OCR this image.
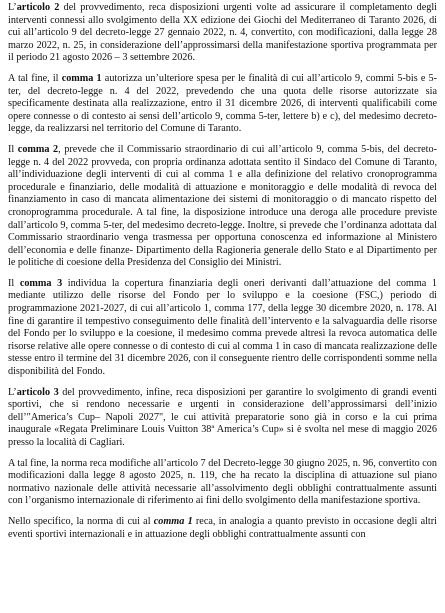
L’articolo 2 del provvedimento, reca disposizioni urgenti volte ad assicurare il completamento degli interventi connessi allo svolgimento della XX edizione dei Giochi del Mediterraneo di Taranto 2026, di cui all’articolo 9 del decreto-legge 27 gennaio 2022, n. 4, convertito, con modificazioni, dalla legge 28 marzo 2022, n. 25, in considerazione dell’approssimarsi della manifestazione sportiva programmata per il periodo 21 agosto 2026 – 3 settembre 2026.

A tal fine, il comma 1 autorizza un’ulteriore spesa per le finalità di cui all’articolo 9, commi 5-bis e 5-ter, del decreto-legge n. 4 del 2022, prevedendo che una quota delle risorse autorizzate sia specificamente destinata alla realizzazione, entro il 31 dicembre 2026, di interventi qualificabili come opere connesse o di contesto ai sensi dell’articolo 9, comma 5-ter, lettere b) e c), del medesimo decreto-legge, da realizzarsi nel territorio del Comune di Taranto.

Il comma 2, prevede che il Commissario straordinario di cui all’articolo 9, comma 5-bis, del decreto-legge n. 4 del 2022 provveda, con propria ordinanza adottata sentito il Sindaco del Comune di Taranto, all’individuazione degli interventi di cui al comma 1 e alla definizione del relativo cronoprogramma procedurale e finanziario, delle modalità di attuazione e monitoraggio e delle modalità di revoca del finanziamento in caso di mancata alimentazione dei sistemi di monitoraggio o di mancato rispetto del cronoprogramma procedurale. A tal fine, la disposizione introduce una deroga alle procedure previste dall’articolo 9, comma 5-ter, del medesimo decreto-legge. Inoltre, si prevede che l’ordinanza adottata dal Commissario straordinario venga trasmessa per opportuna conoscenza ed informazione al Ministero dell’economia e delle finanze- Dipartimento della Ragioneria generale dello Stato e al Dipartimento per le politiche di coesione della Presidenza del Consiglio dei Ministri.

Il comma 3 individua la copertura finanziaria degli oneri derivanti dall’attuazione del comma 1 mediante utilizzo delle risorse del Fondo per lo sviluppo e la coesione (FSC,) periodo di programmazione 2021-2027, di cui all’articolo 1, comma 177, della legge 30 dicembre 2020, n. 178. Al fine di garantire il tempestivo conseguimento delle finalità dell’intervento e la salvaguardia delle risorse del Fondo per lo sviluppo e la coesione, il medesimo comma prevede altresì la revoca automatica delle risorse relative alle opere connesse o di contesto di cui al comma 1 in caso di mancata realizzazione delle stesse entro il termine del 31 dicembre 2026, con il conseguente rientro delle corrispondenti somme nella disponibilità del Fondo.

L’articolo 3 del provvedimento, infine, reca disposizioni per garantire lo svolgimento di grandi eventi sportivi, che si rendono necessarie e urgenti in considerazione dell’approssimarsi dell’inizio dell’"America’s Cup– Napoli 2027", le cui attività preparatorie sono già in corso e la cui prima inaugurale «Regata Preliminare Louis Vuitton 38ª America’s Cup» si è svolta nel mese di maggio 2026 presso la località di Cagliari.

A tal fine, la norma reca modifiche all’articolo 7 del Decreto-legge 30 giugno 2025, n. 96, convertito con modificazioni dalla legge 8 agosto 2025, n. 119, che ha recato la disciplina di attuazione sul piano normativo nazionale delle attività necessarie all’assolvimento degli obblighi contrattualmente assunti con l’organismo internazionale di riferimento ai fini dello svolgimento della manifestazione sportiva.

Nello specifico, la norma di cui al comma 1 reca, in analogia a quanto previsto in occasione degli altri eventi sportivi internazionali e in attuazione degli obblighi contrattualmente assunti con
